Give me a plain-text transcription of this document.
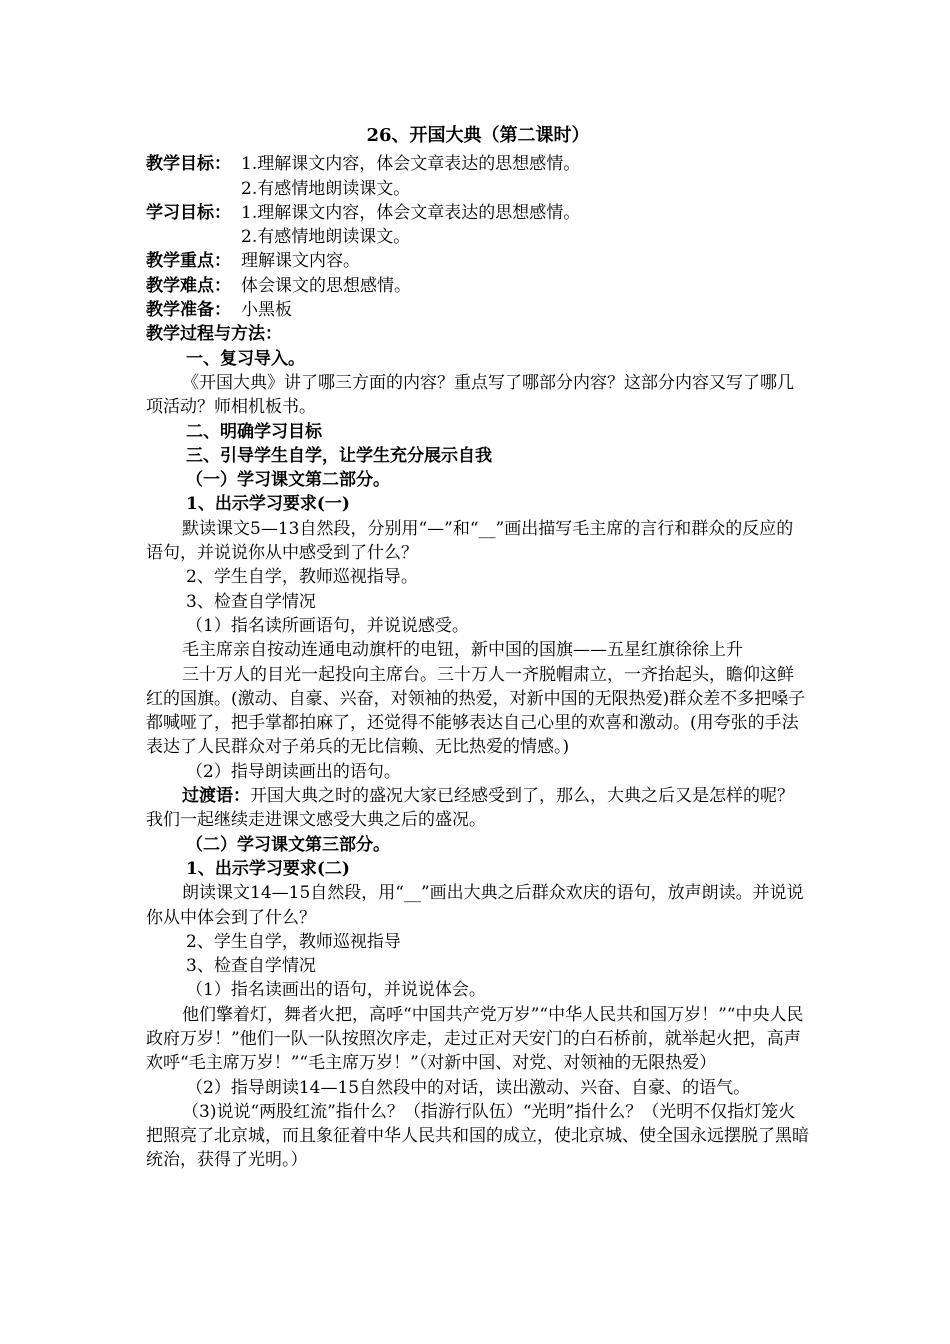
26、开国大典（第二课时）
教学目标： 1.理解课文内容，体会文章表达的思想感情。
2.有感情地朗读课文。
学习目标： 1.理解课文内容，体会文章表达的思想感情。
2.有感情地朗读课文。
教学重点： 理解课文内容。
教学难点： 体会课文的思想感情。
教学准备： 小黑板
教学过程与方法：
一、复习导入。
《开国大典》讲了哪三方面的内容？重点写了哪部分内容？这部分内容又写了哪几项活动？师相机板书。
二、明确学习目标
三、引导学生自学，让学生充分展示自我
（一）学习课文第二部分。
1、出示学习要求(一)
默读课文5—13自然段，分别用“—”和“__”画出描写毛主席的言行和群众的反应的语句，并说说你从中感受到了什么？
2、学生自学，教师巡视指导。
3、检查自学情况
（1）指名读所画语句，并说说感受。
毛主席亲自按动连通电动旗杆的电钮，新中国的国旗——五星红旗徐徐上升
三十万人的目光一起投向主席台。三十万人一齐脱帽肃立，一齐抬起头，瞻仰这鲜红的国旗。(激动、自豪、兴奋，对领袖的热爱，对新中国的无限热爱)群众差不多把嗓子都喊哑了，把手掌都拍麻了，还觉得不能够表达自己心里的欢喜和激动。(用夸张的手法表达了人民群众对子弟兵的无比信赖、无比热爱的情感。)
（2）指导朗读画出的语句。
过渡语：开国大典之时的盛况大家已经感受到了，那么，大典之后又是怎样的呢？我们一起继续走进课文感受大典之后的盛况。
（二）学习课文第三部分。
1、出示学习要求(二)
朗读课文14—15自然段，用“__”画出大典之后群众欢庆的语句，放声朗读。并说说你从中体会到了什么？
2、学生自学，教师巡视指导
3、检查自学情况
（1）指名读画出的语句，并说说体会。
他们擎着灯，舞者火把，高呼“中国共产党万岁”“中华人民共和国万岁！”“中央人民政府万岁！”他们一队一队按照次序走，走过正对天安门的白石桥前，就举起火把，高声欢呼“毛主席万岁！”“毛主席万岁！”（对新中国、对党、对领袖的无限热爱）
（2）指导朗读14—15自然段中的对话，读出激动、兴奋、自豪、的语气。
（3)说说“两股红流”指什么？（指游行队伍）“光明”指什么？（光明不仅指灯笼火把照亮了北京城，而且象征着中华人民共和国的成立，使北京城、使全国永远摆脱了黑暗统治，获得了光明。）
